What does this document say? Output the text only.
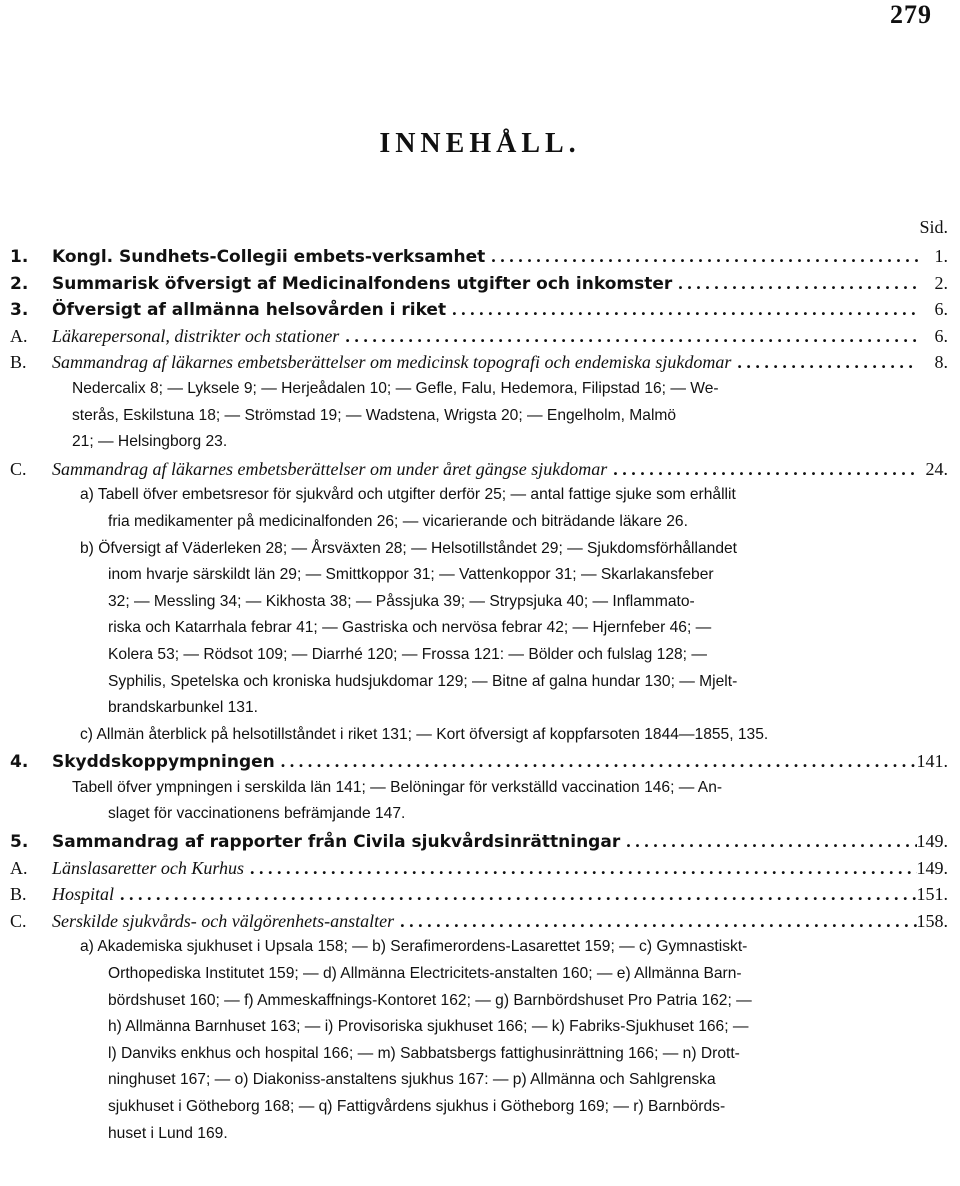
279
INNEHÅLL.
Sid.
1.	Kongl. Sundhets-Collegii embets-verksamhet . . .	1.
2.	Summarisk öfversigt af Medicinalfondens utgifter och inkomster . . .	2.
3.	Öfversigt af allmänna helsovården i riket . . .	6.
A.	Läkarepersonal, distrikter och stationer . . .	6.
B.	Sammandrag af läkarnes embetsberättelser om medicinsk topografi och endemiska sjukdomar . . .	8.
Nedercalix 8; — Lyksele 9; — Herjeådalen 10; — Gefle, Falu, Hedemora, Filipstad 16; — We-
sterås, Eskilstuna 18; — Strömstad 19; — Wadstena, Wrigsta 20; — Engelholm, Malmö
21; — Helsingborg 23.
C.	Sammandrag af läkarnes embetsberättelser om under året gängse sjukdomar . . .	24.
a) Tabell öfver embetsresor för sjukvård och utgifter derför 25; — antal fattige sjuke som erhållit
fria medikamenter på medicinalfonden 26; — vicarierande och biträdande läkare 26.
b) Öfversigt af Väderleken 28; — Årsväxten 28; — Helsotillståndet 29; — Sjukdomsförhållandet
inom hvarje särskildt län 29; — Smittkoppor 31; — Vattenkoppor 31; — Skarlakansfeber
32; — Messling 34; — Kikhosta 38; — Påssjuka 39; — Strypsjuka 40; — Inflammato-
riska och Katarrhala febrar 41; — Gastriska och nervösa febrar 42; — Hjernfeber 46; —
Kolera 53; — Rödsot 109; — Diarrhé 120; — Frossa 121: — Bölder och fulslag 128; —
Syphilis, Spetelska och kroniska hudsjukdomar 129; — Bitne af galna hundar 130; — Mjelt-
brandskarbunkel 131.
c) Allmän återblick på helsotillståndet i riket 131; — Kort öfversigt af koppfarsoten 1844—1855, 135.
4.	Skyddskoppympningen . . .	141.
Tabell öfver ympningen i serskilda län 141; — Belöningar för verkställd vaccination 146; — An-
slaget för vaccinationens befrämjande 147.
5.	Sammandrag af rapporter från Civila sjukvårdsinrättningar . . .	149.
A.	Länslasaretter och Kurhus . . .	149.
B.	Hospital . . .	151.
C.	Serskilde sjukvårds- och välgörenhets-anstalter . . .	158.
a) Akademiska sjukhuset i Upsala 158; — b) Serafimerordens-Lasarettet 159; — c) Gymnastiskt-
Orthopediska Institutet 159; — d) Allmänna Electricitets-anstalten 160; — e) Allmänna Barn-
bördshuset 160; — f) Ammeskaffnings-Kontoret 162; — g) Barnbördshuset Pro Patria 162; —
h) Allmänna Barnhuset 163; — i) Provisoriska sjukhuset 166; — k) Fabriks-Sjukhuset 166; —
l) Danviks enkhus och hospital 166; — m) Sabbatsbergs fattighusinrättning 166; — n) Drott-
ninghuset 167; — o) Diakoniss-anstaltens sjukhus 167: — p) Allmänna och Sahlgrenska
sjukhuset i Götheborg 168; — q) Fattigvårdens sjukhus i Götheborg 169; — r) Barnbörds-
huset i Lund 169.
